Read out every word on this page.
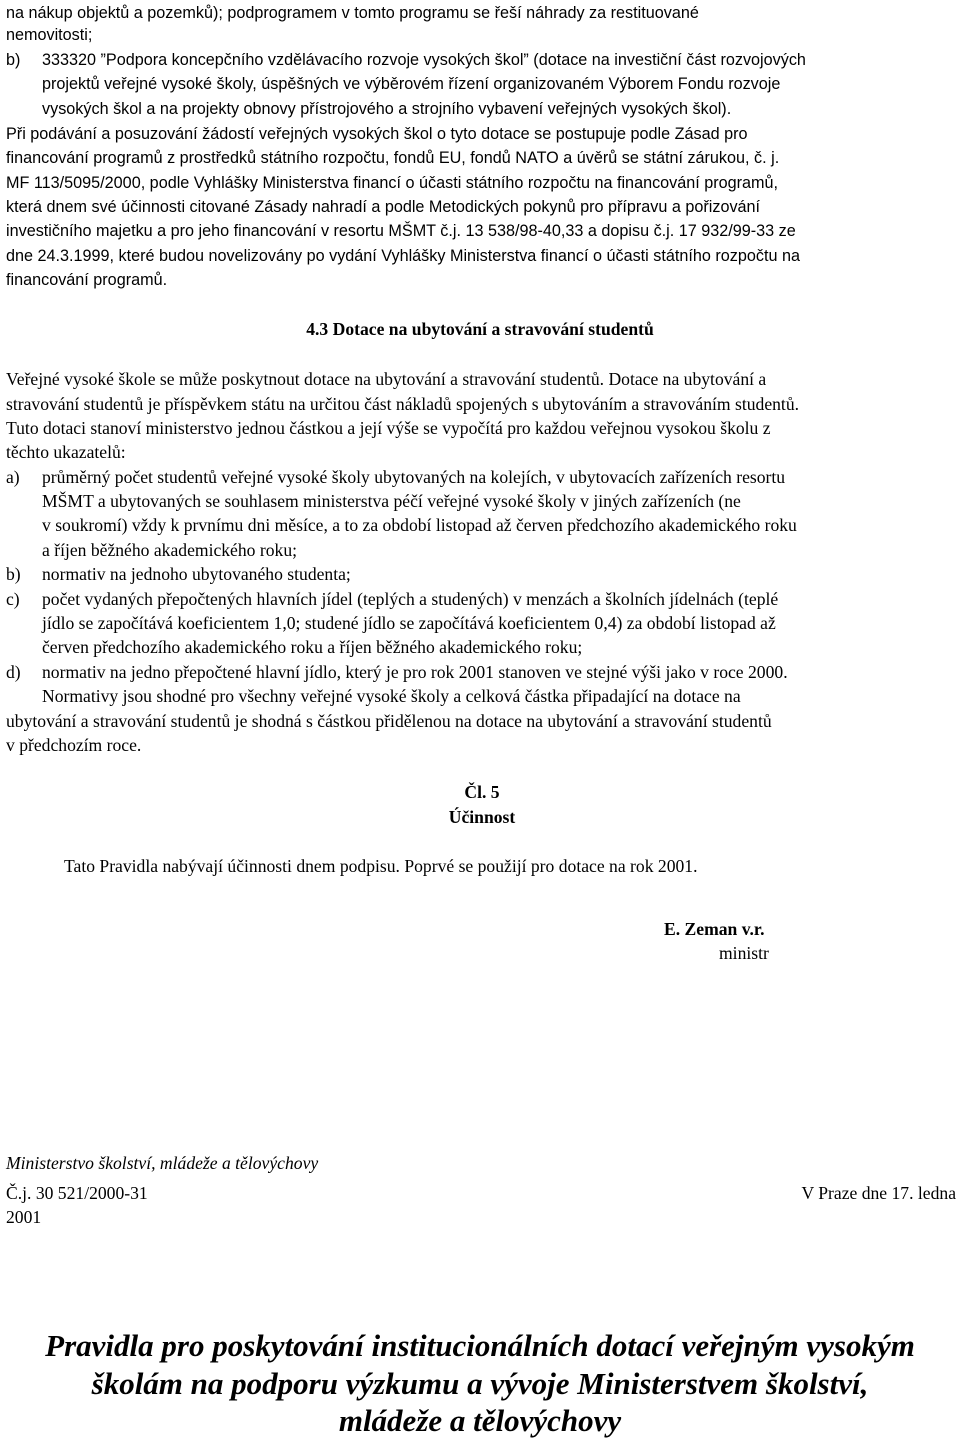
na nákup objektů a pozemků); podprogramem v tomto programu se řeší náhrady za restituované
nemovitosti;
b) 333320 ”Podpora koncepčního vzdělávacího rozvoje vysokých škol” (dotace na investiční část rozvojových
projektů veřejné vysoké školy, úspěšných ve výběrovém řízení organizovaném Výborem Fondu rozvoje
vysokých škol a na projekty obnovy přístrojového a strojního vybavení veřejných vysokých škol).
Při podávání a posuzování žádostí veřejných vysokých škol o tyto dotace se postupuje podle Zásad pro
financování programů z prostředků státního rozpočtu, fondů EU, fondů NATO a úvěrů se státní zárukou, č. j.
MF 113/5095/2000, podle Vyhlášky Ministerstva financí o účasti státního rozpočtu na financování programů,
která dnem své účinnosti citované Zásady nahradí a podle Metodických pokynů pro přípravu a pořizování
investičního majetku a pro jeho financování v resortu MŠMT č.j. 13 538/98-40,33 a dopisu č.j. 17 932/99-33 ze
dne 24.3.1999, které budou novelizovány po vydání Vyhlášky Ministerstva financí o účasti státního rozpočtu na
financování programů.
4.3 Dotace na ubytování a stravování studentů
Veřejné vysoké škole se může poskytnout dotace na ubytování a stravování studentů. Dotace na ubytování a
stravování studentů je příspěvkem státu na určitou část nákladů spojených s ubytováním a stravováním studentů.
Tuto dotaci stanoví ministerstvo jednou částkou a její výše se vypočítá pro každou veřejnou vysokou školu z
těchto ukazatelů:
a) průměrný počet studentů veřejné vysoké školy ubytovaných na kolejích, v ubytovacích zařízeních resortu
MŠMT a ubytovaných se souhlasem ministerstva péčí veřejné vysoké školy v jiných zařízeních (ne
v soukromí) vždy k prvnímu dni měsíce, a to za období listopad až červen předchozího akademického roku
a říjen běžného akademického roku;
b) normativ na jednoho ubytovaného studenta;
c) počet vydaných přepočtených hlavních jídel (teplých a studených) v menzách a školních jídelnách (teplé
jídlo se započítává koeficientem 1,0; studené jídlo se započítává koeficientem 0,4) za období listopad až
červen předchozího akademického roku a říjen běžného akademického roku;
d) normativ na jedno přepočtené hlavní jídlo, který je pro rok 2001 stanoven ve stejné výši jako v roce 2000.
Normativy jsou shodné pro všechny veřejné vysoké školy a celková částka připadající na dotace na
ubytování a stravování studentů je shodná s částkou přidělenou na dotace na ubytování a stravování studentů
v předchozím roce.
Čl. 5
Účinnost
Tato Pravidla nabývají účinnosti dnem podpisu. Poprvé se použijí pro dotace na rok 2001.
E. Zeman v.r.
ministr
Ministerstvo školství, mládeže a tělovýchovy
Č.j. 30 521/2000-31	V Praze dne 17. ledna
2001
Pravidla pro poskytování institucionálních dotací veřejným vysokým
školám na podporu výzkumu a vývoje Ministerstvem školství,
mládeže a tělovýchovy
